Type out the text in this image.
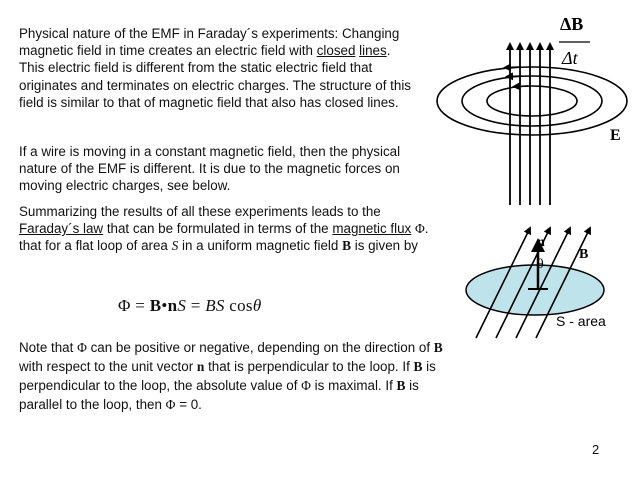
Physical nature of the EMF in Faraday´s experiments: Changing magnetic field in time creates an electric field with closed lines. This electric field is different from the static electric field that originates and terminates on electric charges. The structure of this field is similar to that of magnetic field that also has closed lines.

If a wire is moving in a constant magnetic field, then the physical nature of the EMF is different. It is due to the magnetic forces on moving electric charges, see below.

Summarizing the results of all these experiments leads to the Faraday´s law that can be formulated in terms of the magnetic flux Φ. that for a flat loop of area S in a uniform magnetic field B is given by

Φ = B•nS = BS cosθ

Note that Φ can be positive or negative, depending on the direction of B with respect to the unit vector n that is perpendicular to the loop. If B is perpendicular to the loop, the absolute value of Φ is maximal. If B is parallel to the loop, then Φ = 0.

ΔB
Δt
E
n
θ
B
S - area
2
